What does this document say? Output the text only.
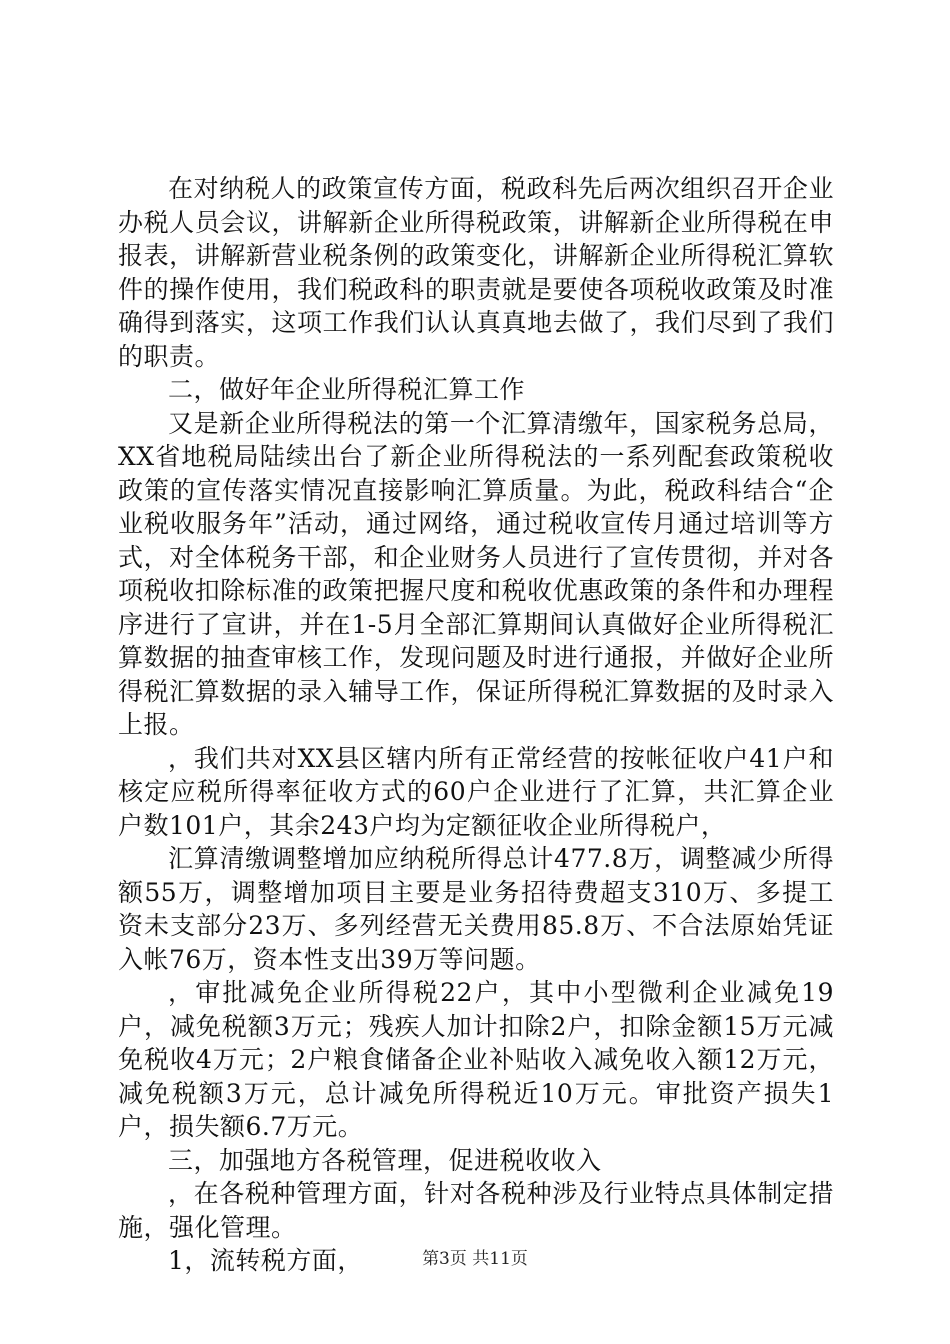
在对纳税人的政策宣传方面，税政科先后两次组织召开企业办税人员会议，讲解新企业所得税政策，讲解新企业所得税在申报表，讲解新营业税条例的政策变化，讲解新企业所得税汇算软件的操作使用，我们税政科的职责就是要使各项税收政策及时准确得到落实，这项工作我们认认真真地去做了，我们尽到了我们的职责。

二，做好年企业所得税汇算工作

又是新企业所得税法的第一个汇算清缴年，国家税务总局，XX省地税局陆续出台了新企业所得税法的一系列配套政策税收政策的宣传落实情况直接影响汇算质量。为此，税政科结合“企业税收服务年”活动，通过网络，通过税收宣传月通过培训等方式，对全体税务干部，和企业财务人员进行了宣传贯彻，并对各项税收扣除标准的政策把握尺度和税收优惠政策的条件和办理程序进行了宣讲，并在1-5月全部汇算期间认真做好企业所得税汇算数据的抽查审核工作，发现问题及时进行通报，并做好企业所得税汇算数据的录入辅导工作，保证所得税汇算数据的及时录入上报。

，我们共对XX县区辖内所有正常经营的按帐征收户41户和核定应税所得率征收方式的60户企业进行了汇算，共汇算企业户数101户，其余243户均为定额征收企业所得税户，

汇算清缴调整增加应纳税所得总计477.8万，调整减少所得额55万，调整增加项目主要是业务招待费超支310万、多提工资未支部分23万、多列经营无关费用85.8万、不合法原始凭证入帐76万，资本性支出39万等问题。

，审批减免企业所得税22户，其中小型微利企业减免19户，减免税额3万元；残疾人加计扣除2户，扣除金额15万元减免税收4万元；2户粮食储备企业补贴收入减免收入额12万元，减免税额3万元，总计减免所得税近10万元。审批资产损失1户，损失额6.7万元。

三，加强地方各税管理，促进税收收入

，在各税种管理方面，针对各税种涉及行业特点具体制定措施，强化管理。

1，流转税方面，	第3页 共11页
